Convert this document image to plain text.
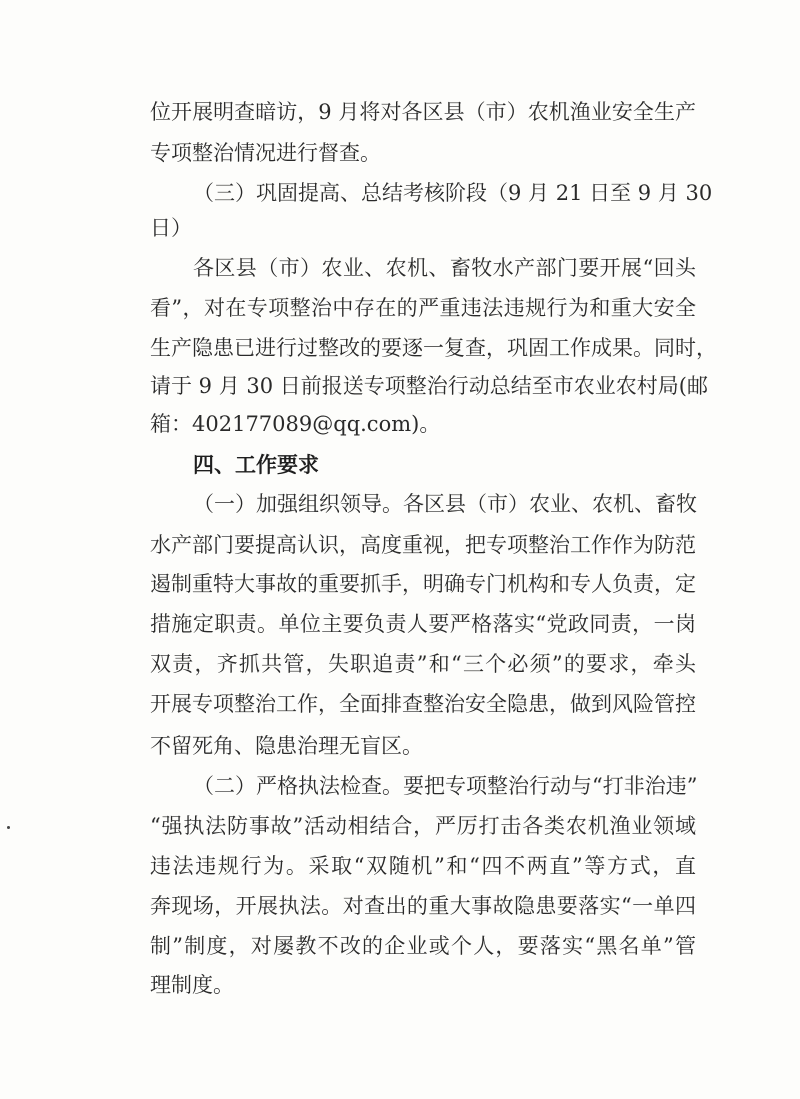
位开展明查暗访，9 月将对各区县（市）农机渔业安全生产
专项整治情况进行督查。
（三）巩固提高、总结考核阶段（9 月 21 日至 9 月 30
日）
各区县（市）农业、农机、畜牧水产部门要开展“回头
看”，对在专项整治中存在的严重违法违规行为和重大安全
生产隐患已进行过整改的要逐一复查，巩固工作成果。同时，
请于 9 月 30 日前报送专项整治行动总结至市农业农村局(邮
箱：402177089@qq.com)。
四、工作要求
（一）加强组织领导。各区县（市）农业、农机、畜牧
水产部门要提高认识，高度重视，把专项整治工作作为防范
遏制重特大事故的重要抓手，明确专门机构和专人负责，定
措施定职责。单位主要负责人要严格落实“党政同责，一岗
双责，齐抓共管，失职追责”和“三个必须”的要求，牵头
开展专项整治工作，全面排查整治安全隐患，做到风险管控
不留死角、隐患治理无盲区。
（二）严格执法检查。要把专项整治行动与“打非治违”
“强执法防事故”活动相结合，严厉打击各类农机渔业领域
违法违规行为。采取“双随机”和“四不两直”等方式，直
奔现场，开展执法。对查出的重大事故隐患要落实“一单四
制”制度，对屡教不改的企业或个人，要落实“黑名单”管
理制度。
